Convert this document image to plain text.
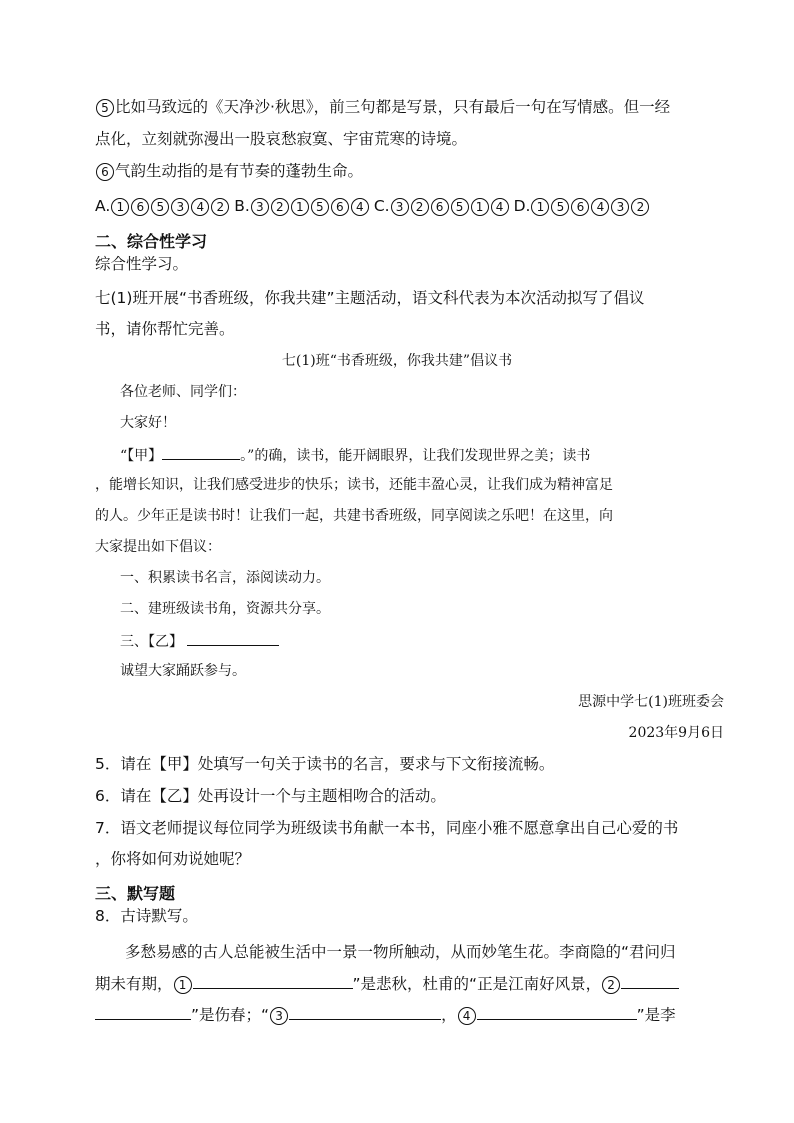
5 比如马致远的《天净沙·秋思》，前三句都是写景，只有最后一句在写情感。但一经
点化，立刻就弥漫出一股哀愁寂寞、宇宙荒寒的诗境。
6 气韵生动指的是有节奏的蓬勃生命。
A. 1 6 5 3 4 2 B. 3 2 1 5 6 4 C. 3 2 6 5 1 4 D. 1 5 6 4 3 2
二、综合性学习
综合性学习。
七(1)班开展“书香班级，你我共建”主题活动，语文科代表为本次活动拟写了倡议
书，请你帮忙完善。
七(1)班“书香班级，你我共建”倡议书
各位老师、同学们：
大家好！
“【甲】	。”的确，读书，能开阔眼界，让我们发现世界之美；读书
，能增长知识，让我们感受进步的快乐；读书，还能丰盈心灵，让我们成为精神富足
的人。少年正是读书时！让我们一起，共建书香班级，同享阅读之乐吧！在这里，向
大家提出如下倡议：
一、积累读书名言，添阅读动力。
二、建班级读书角，资源共分享。
三、【乙】
诚望大家踊跃参与。
思源中学七(1)班班委会
2023年9月6日
5．请在【甲】处填写一句关于读书的名言，要求与下文衔接流畅。
6．请在【乙】处再设计一个与主题相吻合的活动。
7．语文老师提议每位同学为班级读书角献一本书，同座小雅不愿意拿出自己心爱的书
，你将如何劝说她呢？
三、默写题
8．古诗默写。
多愁易感的古人总能被生活中一景一物所触动，从而妙笔生花。李商隐的“君问归
期未有期， 1	”是悲秋，杜甫的“正是江南好风景， 2
”是伤春；“ 3	， 4	”是李
